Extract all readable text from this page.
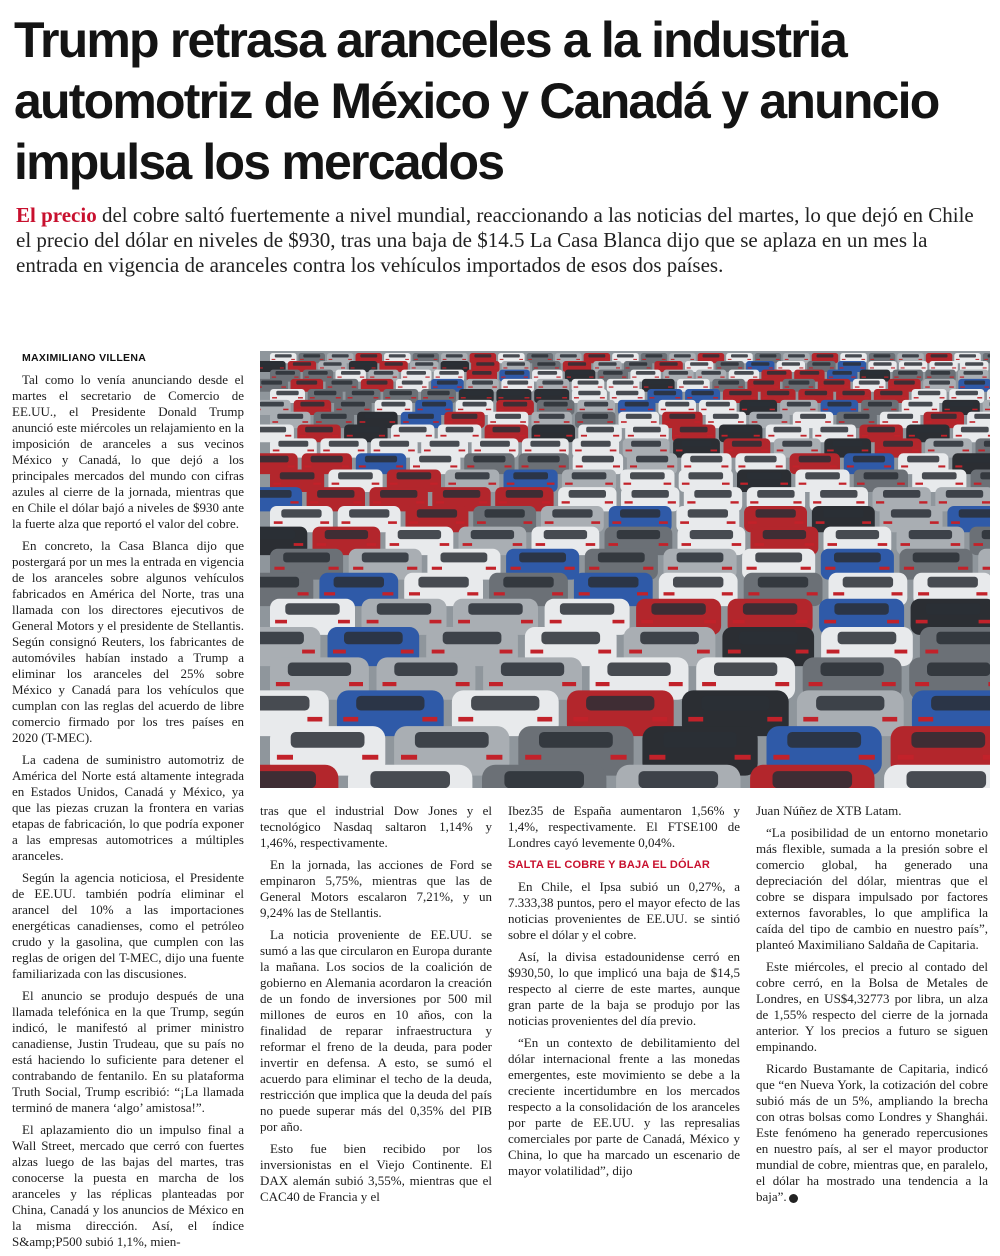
Trump retrasa aranceles a la industria automotriz de México y Canadá y anuncio impulsa los mercados

El precio del cobre saltó fuertemente a nivel mundial, reaccionando a las noticias del martes, lo que dejó en Chile el precio del dólar en niveles de $930, tras una baja de $14.5 La Casa Blanca dijo que se aplaza en un mes la entrada en vigencia de aranceles contra los vehículos importados de esos dos países.

MAXIMILIANO VILLENA

Tal como lo venía anunciando desde el martes el secretario de Comercio de EE.UU., el Presidente Donald Trump anunció este miércoles un relajamiento en la imposición de aranceles a sus vecinos México y Canadá, lo que dejó a los principales mercados del mundo con cifras azules al cierre de la jornada, mientras que en Chile el dólar bajó a niveles de $930 ante la fuerte alza que reportó el valor del cobre.

En concreto, la Casa Blanca dijo que postergará por un mes la entrada en vigencia de los aranceles sobre algunos vehículos fabricados en América del Norte, tras una llamada con los directores ejecutivos de General Motors y el presidente de Stellantis. Según consignó Reuters, los fabricantes de automóviles habían instado a Trump a eliminar los aranceles del 25% sobre México y Canadá para los vehículos que cumplan con las reglas del acuerdo de libre comercio firmado por los tres países en 2020 (T-MEC).

La cadena de suministro automotriz de América del Norte está altamente integrada en Estados Unidos, Canadá y México, ya que las piezas cruzan la frontera en varias etapas de fabricación, lo que podría exponer a las empresas automotrices a múltiples aranceles.

Según la agencia noticiosa, el Presidente de EE.UU. también podría eliminar el arancel del 10% a las importaciones energéticas canadienses, como el petróleo crudo y la gasolina, que cumplen con las reglas de origen del T-MEC, dijo una fuente familiarizada con las discusiones.

El anuncio se produjo después de una llamada telefónica en la que Trump, según indicó, le manifestó al primer ministro canadiense, Justin Trudeau, que su país no está haciendo lo suficiente para detener el contrabando de fentanilo. En su plataforma Truth Social, Trump escribió: “¡La llamada terminó de manera ‘algo’ amistosa!”.

El aplazamiento dio un impulso final a Wall Street, mercado que cerró con fuertes alzas luego de las bajas del martes, tras conocerse la puesta en marcha de los aranceles y las réplicas planteadas por China, Canadá y los anuncios de México en la misma dirección. Así, el índice S&amp;P500 subió 1,1%, mien-

tras que el industrial Dow Jones y el tecnológico Nasdaq saltaron 1,14% y 1,46%, respectivamente.

En la jornada, las acciones de Ford se empinaron 5,75%, mientras que las de General Motors escalaron 7,21%, y un 9,24% las de Stellantis.

La noticia proveniente de EE.UU. se sumó a las que circularon en Europa durante la mañana. Los socios de la coalición de gobierno en Alemania acordaron la creación de un fondo de inversiones por 500 mil millones de euros en 10 años, con la finalidad de reparar infraestructura y reformar el freno de la deuda, para poder invertir en defensa. A esto, se sumó el acuerdo para eliminar el techo de la deuda, restricción que implica que la deuda del país no puede superar más del 0,35% del PIB por año.

Esto fue bien recibido por los inversionistas en el Viejo Continente. El DAX alemán subió 3,55%, mientras que el CAC40 de Francia y el

Ibez35 de España aumentaron 1,56% y 1,4%, respectivamente. El FTSE100 de Londres cayó levemente 0,04%.

SALTA EL COBRE Y BAJA EL DÓLAR

En Chile, el Ipsa subió un 0,27%, a 7.333,38 puntos, pero el mayor efecto de las noticias provenientes de EE.UU. se sintió sobre el dólar y el cobre.

Así, la divisa estadounidense cerró en $930,50, lo que implicó una baja de $14,5 respecto al cierre de este martes, aunque gran parte de la baja se produjo por las noticias provenientes del día previo.

“En un contexto de debilitamiento del dólar internacional frente a las monedas emergentes, este movimiento se debe a la creciente incertidumbre en los mercados respecto a la consolidación de los aranceles por parte de EE.UU. y las represalias comerciales por parte de Canadá, México y China, lo que ha marcado un escenario de mayor volatilidad”, dijo

Juan Núñez de XTB Latam.

“La posibilidad de un entorno monetario más flexible, sumada a la presión sobre el comercio global, ha generado una depreciación del dólar, mientras que el cobre se dispara impulsado por factores externos favorables, lo que amplifica la caída del tipo de cambio en nuestro país”, planteó Maximiliano Saldaña de Capitaria.

Este miércoles, el precio al contado del cobre cerró, en la Bolsa de Metales de Londres, en US$4,32773 por libra, un alza de 1,55% respecto del cierre de la jornada anterior. Y los precios a futuro se siguen empinando.

Ricardo Bustamante de Capitaria, indicó que “en Nueva York, la cotización del cobre subió más de un 5%, ampliando la brecha con otras bolsas como Londres y Shanghái. Este fenómeno ha generado repercusiones en nuestro país, al ser el mayor productor mundial de cobre, mientras que, en paralelo, el dólar ha mostrado una tendencia a la baja”. P
